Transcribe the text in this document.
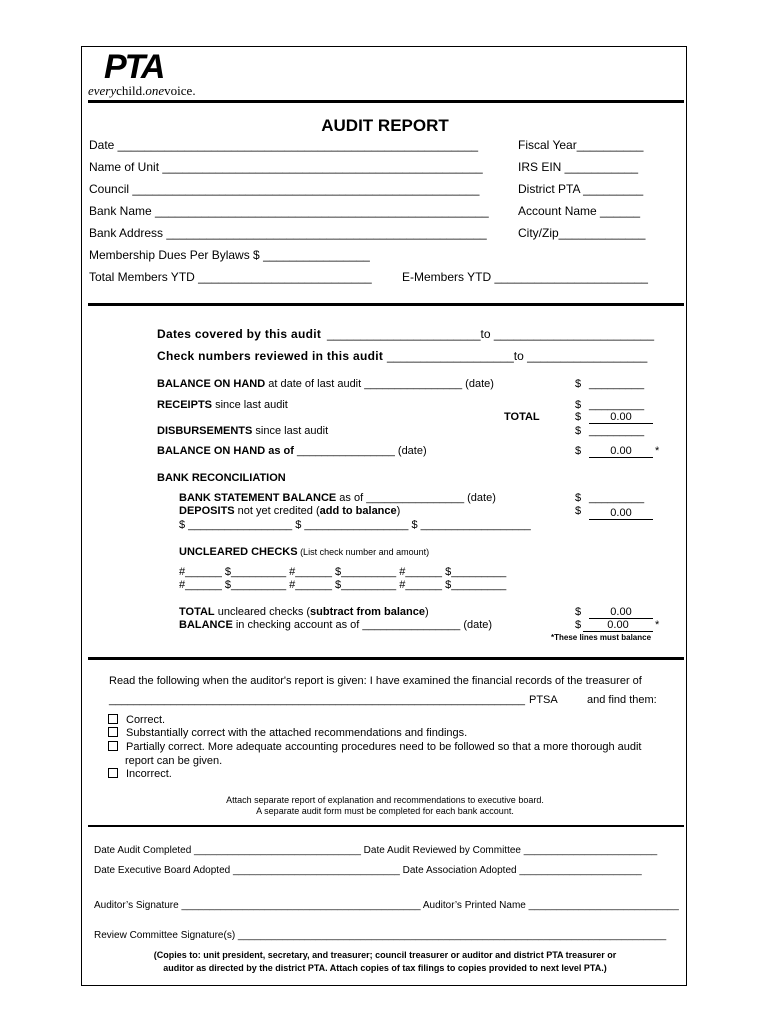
PTA
everychild.onevoice.
AUDIT REPORT
Date ______________________________________________________	Fiscal Year__________
Name of Unit ________________________________________________	IRS EIN ___________
Council ____________________________________________________	District PTA _________
Bank Name __________________________________________________ Account Name ______
Bank Address ________________________________________________	City/Zip_____________
Membership Dues Per Bylaws $ ________________
Total Members YTD __________________________	E-Members YTD _______________________
Dates covered by this audit _______________________to ________________________
Check numbers reviewed in this audit ___________________to __________________
BALANCE ON HAND at date of last audit ________________ (date)	$ _________
RECEIPTS since last audit	$ _________
TOTAL	$	0.00
DISBURSEMENTS since last audit	$ _________
BALANCE ON HAND as of ________________ (date)	$	0.00	*
BANK RECONCILIATION
BANK STATEMENT BALANCE as of ________________ (date)	$ _________
DEPOSITS not yet credited (add to balance)	$	0.00
$ _________________ $ _________________ $ __________________
UNCLEARED CHECKS (List check number and amount)
#______ $_________ #______ $_________ #______ $_________
#______ $_________ #______ $_________ #______ $_________
TOTAL uncleared checks (subtract from balance)	$	0.00
BALANCE in checking account as of ________________ (date)	$	0.00	*
*These lines must balance
Read the following when the auditor's report is given: I have examined the financial records of the treasurer of
____________________________________________________________________ PTSA	and find them:
Correct.
Substantially correct with the attached recommendations and findings.
Partially correct. More adequate accounting procedures need to be followed so that a more thorough audit
report can be given.
Incorrect.
Attach separate report of explanation and recommendations to executive board.
A separate audit form must be completed for each bank account.
Date Audit Completed ______________________________ Date Audit Reviewed by Committee ________________________
Date Executive Board Adopted ______________________________ Date Association Adopted ______________________
Auditor’s Signature ___________________________________________ Auditor’s Printed Name ___________________________
Review Committee Signature(s) _____________________________________________________________________________
(Copies to: unit president, secretary, and treasurer; council treasurer or auditor and district PTA treasurer or
auditor as directed by the district PTA. Attach copies of tax filings to copies provided to next level PTA.)
